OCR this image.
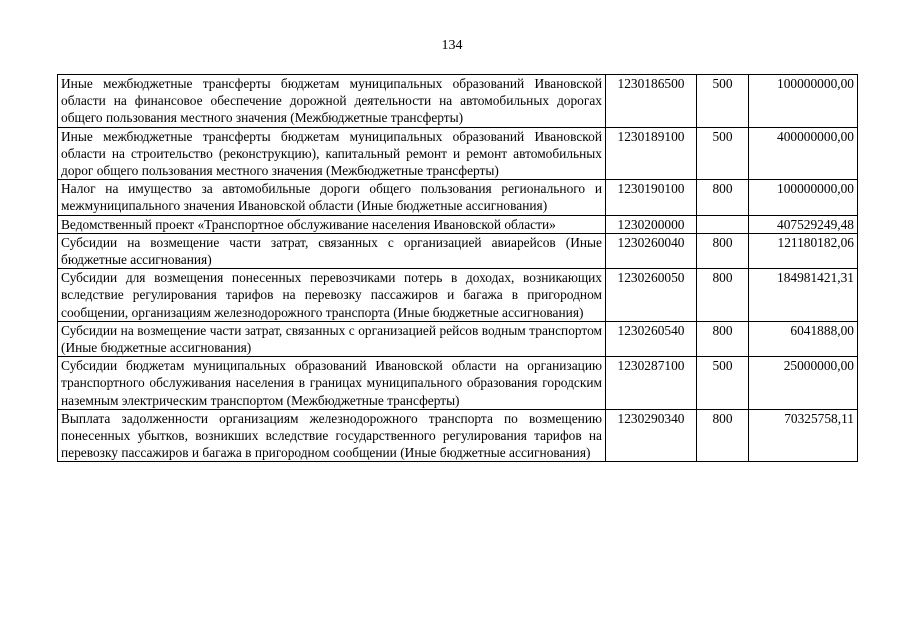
134
Иные межбюджетные трансферты бюджетам муниципальных образований Ивановской области на финансовое обеспечение дорожной деятельности на автомобильных дорогах общего пользования местного значения (Межбюджетные трансферты)	1230186500	500	100000000,00
Иные межбюджетные трансферты бюджетам муниципальных образований Ивановской области на строительство (реконструкцию), капитальный ремонт и ремонт автомобильных дорог общего пользования местного значения (Межбюджетные трансферты)	1230189100	500	400000000,00
Налог на имущество за автомобильные дороги общего пользования регионального и межмуниципального значения Ивановской области (Иные бюджетные ассигнования)	1230190100	800	100000000,00
Ведомственный проект «Транспортное обслуживание населения Ивановской области»	1230200000		407529249,48
Субсидии на возмещение части затрат, связанных с организацией авиарейсов (Иные бюджетные ассигнования)	1230260040	800	121180182,06
Субсидии для возмещения понесенных перевозчиками потерь в доходах, возникающих вследствие регулирования тарифов на перевозку пассажиров и багажа в пригородном сообщении, организациям железнодорожного транспорта (Иные бюджетные ассигнования)	1230260050	800	184981421,31
Субсидии на возмещение части затрат, связанных с организацией рейсов водным транспортом (Иные бюджетные ассигнования)	1230260540	800	6041888,00
Субсидии бюджетам муниципальных образований Ивановской области на организацию транспортного обслуживания населения в границах муниципального образования городским наземным электрическим транспортом (Межбюджетные трансферты)	1230287100	500	25000000,00
Выплата задолженности организациям железнодорожного транспорта по возмещению понесенных убытков, возникших вследствие государственного регулирования тарифов на перевозку пассажиров и багажа в пригородном сообщении (Иные бюджетные ассигнования)	1230290340	800	70325758,11
